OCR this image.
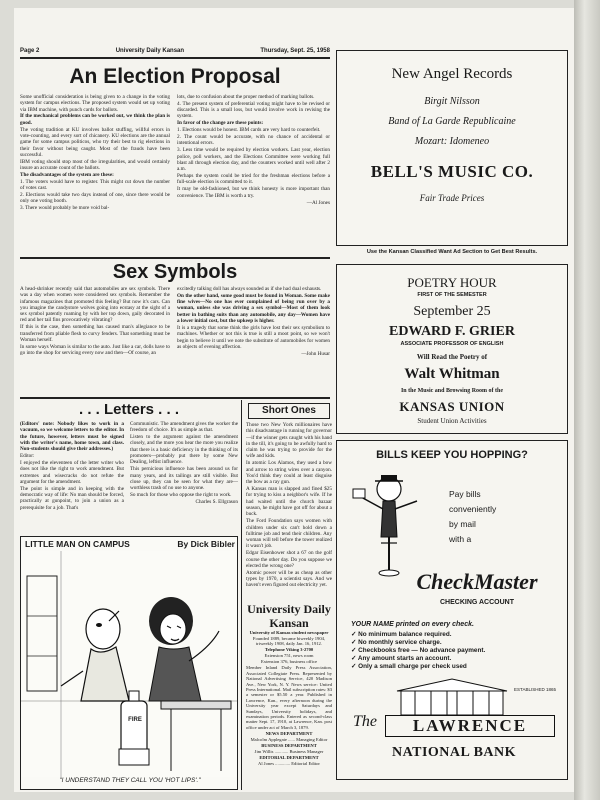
Page 2	University Daily Kansan	Thursday, Sept. 25, 1958
An Election Proposal

Some unofficial consideration is being given to a change in the voting system for campus elections. The proposed system would set up voting via IBM machine, with punch cards for ballots.

If the mechanical problems can be worked out, we think the plan is good.

The voting tradition at KU involves ballot stuffing, willful errors in vote-counting, and every sort of chicanery. KU elections are the annual game for some campus politicos, who try their best to rig elections in their favor without being caught. Most of the frauds have been successful.

IBM voting should stop most of the irregularities, and would certainly insure an accurate count of the ballots.

The disadvantages of the system are these:

1. The voters would have to register. This might cut down the number of votes cast.

2. Elections would take two days instead of one, since there would be only one voting booth.

3. There would probably be more void bal-

lots, due to confusion about the proper method of marking ballots.

4. The present system of preferential voting might have to be revised or discarded. This is a small loss, but would involve work in revising the system.

In favor of the change are these points:

1. Elections would be honest. IBM cards are very hard to counterfeit.

2. The count would be accurate, with no chance of accidental or intentional errors.

3. Less time would be required by election workers. Last year, election police, poll workers, and the Elections Committee were working full blast all through election day, and the counters worked until well after 2 a.m.

Perhaps the system could be tried for the freshman elections before a full-scale election is committed to it.

It may be old-fashioned, but we think honesty is more important than convenience. The IBM is worth a try.

—Al Jones

Sex Symbols

A head-shrinker recently said that automobiles are sex symbols. There was a day when women were considered sex symbols. Remember the infamous magazines that promoted this feeling? But now it's cars. Can you imagine the candystore wolves going into ecstasy at the sight of a sex symbol patently roaming by with her top down, gaily decorated in red and her tail fins provocatively vibrating?

If this is the case, then something has caused man's allegiance to be transferred from pliable flesh to curvy fenders. That something must be Woman herself.

In some ways Woman is similar to the auto. Just like a car, dolls have to go into the shop for servicing every now and then—Of course, an

excitedly talking doll has always sounded as if she had dual exhausts.

On the other hand, some good must be found in Woman. Some make fine wives—No one has ever complained of being run over by a woman, unless she was driving a sex symbol—Most of them look better in bathing suits than any automobile, any day—Women have a lower initial cost, but the upkeep is higher.

It is a tragedy that some think the girls have lost their sex symbolism to machines. Whether or not this is true is still a moot point, so we won't begin to believe it until we note the substitute of automobiles for women as objects of evening affection.

—John Husar

. . . Letters . . .

(Editors' note: Nobody likes to work in a vacuum, so we welcome letters to the editor. In the future, however, letters must be signed with the writer's name, home town, and class. Non-students should give their addresses.)

Editor:

I enjoyed the eleventeen of the letter writer who does not like the right to work amendment. But extremes and wisecracks do not refute the argument for the amendment.

The point is simple and in keeping with the democratic way of life: No man should be forced, practically at gunpoint, to join a union as a prerequisite for a job. That's

Communistic. The amendment gives the worker the freedom of choice. It's as simple as that.

Listen to the argument against the amendment closely, and the more you hear the more you realize that there is a basic deficiency in the thinking of its promoters—probably put there by some New Dealing, leftist influence.

This pernicious influence has been around us for many years, and its tailings are still visible. But close up, they can be seen for what they are—worthless trash of no use to anyone.

So much for those who oppose the right to work.

Charles S. Ellgrason

Short Ones

Those two New York millionaires have this disadvantage in running for governor—if the winner gets caught with his hand in the till, it's going to be awfully hard to claim he was trying to provide for the wife and kids.

In atomic Los Alamos, they used a bow and arrow to string wires over a canyon. You'd think they could at least disguise the bow as a ray gun.

A Kansas man is slapped and fined $25 for trying to kiss a neighbor's wife. If he had waited until the church bazaar season, he might have got off for about a buck.

The Ford Foundation says women with children under six can't hold down a fulltime job and tend their children. Any woman will tell before the tower realized it wasn't job.

Edgar Eisenhower shot a 67 on the golf course the other day. Do you suppose we elected the wrong one?

Atomic power will be as cheap as other types by 1970, a scientist says. And we haven't even figured out electricity yet.

University Daily Kansan

University of Kansas student newspaper

Founded 1889, became biweekly 1904, triweekly 1908, daily Jan. 16, 1912.

Telephone Viking 3-2700

Extension 751, news room

Extension 376, business office

Member Inland Daily Press Association, Associated Collegiate Press. Represented by National Advertising Service, 420 Madison Ave., New York, N. Y. News service: United Press International. Mail subscription rates: $3 a semester or $5.50 a year. Published in Lawrence, Kan., every afternoon during the University year except Saturdays and Sundays, University holidays, and examination periods. Entered as second-class matter Sept. 17, 1910, at Lawrence, Kan. post office under act of March 3, 1879.

NEWS DEPARTMENT

Malcolm Applegate ...... Managing Editor

BUSINESS DEPARTMENT

Jim Willis ............ Business Manager

EDITORIAL DEPARTMENT

Al Jones ............. Editorial Editor

LITTLE MAN ON CAMPUS	By Dick Bibler
FIRE
"I UNDERSTAND THEY CALL YOU 'HOT LIPS'."
New Angel Records
Birgit Nilsson
Band of La Garde Republicaine
Mozart: Idomeneo
BELL'S MUSIC CO.
Fair Trade Prices
Use the Kansan Classified Want Ad Section to Get Best Results.
POETRY HOUR
FIRST OF THE SEMESTER
September 25
EDWARD F. GRIER
ASSOCIATE PROFESSOR OF ENGLISH
Will Read the Poetry of
Walt Whitman
In the Music and Browsing Room of the
KANSAS UNION
Student Union Activities
BILLS KEEP YOU HOPPING?
Pay bills
conveniently
by mail
with a
CheckMaster
CHECKING ACCOUNT
YOUR NAME printed on every check.
✓ No minimum balance required.
✓ No monthly service charge.
✓ Checkbooks free — No advance payment.
✓ Any amount starts an account.
✓ Only a small charge per check used
ESTABLISHED 1865
The	LAWRENCE
NATIONAL BANK
